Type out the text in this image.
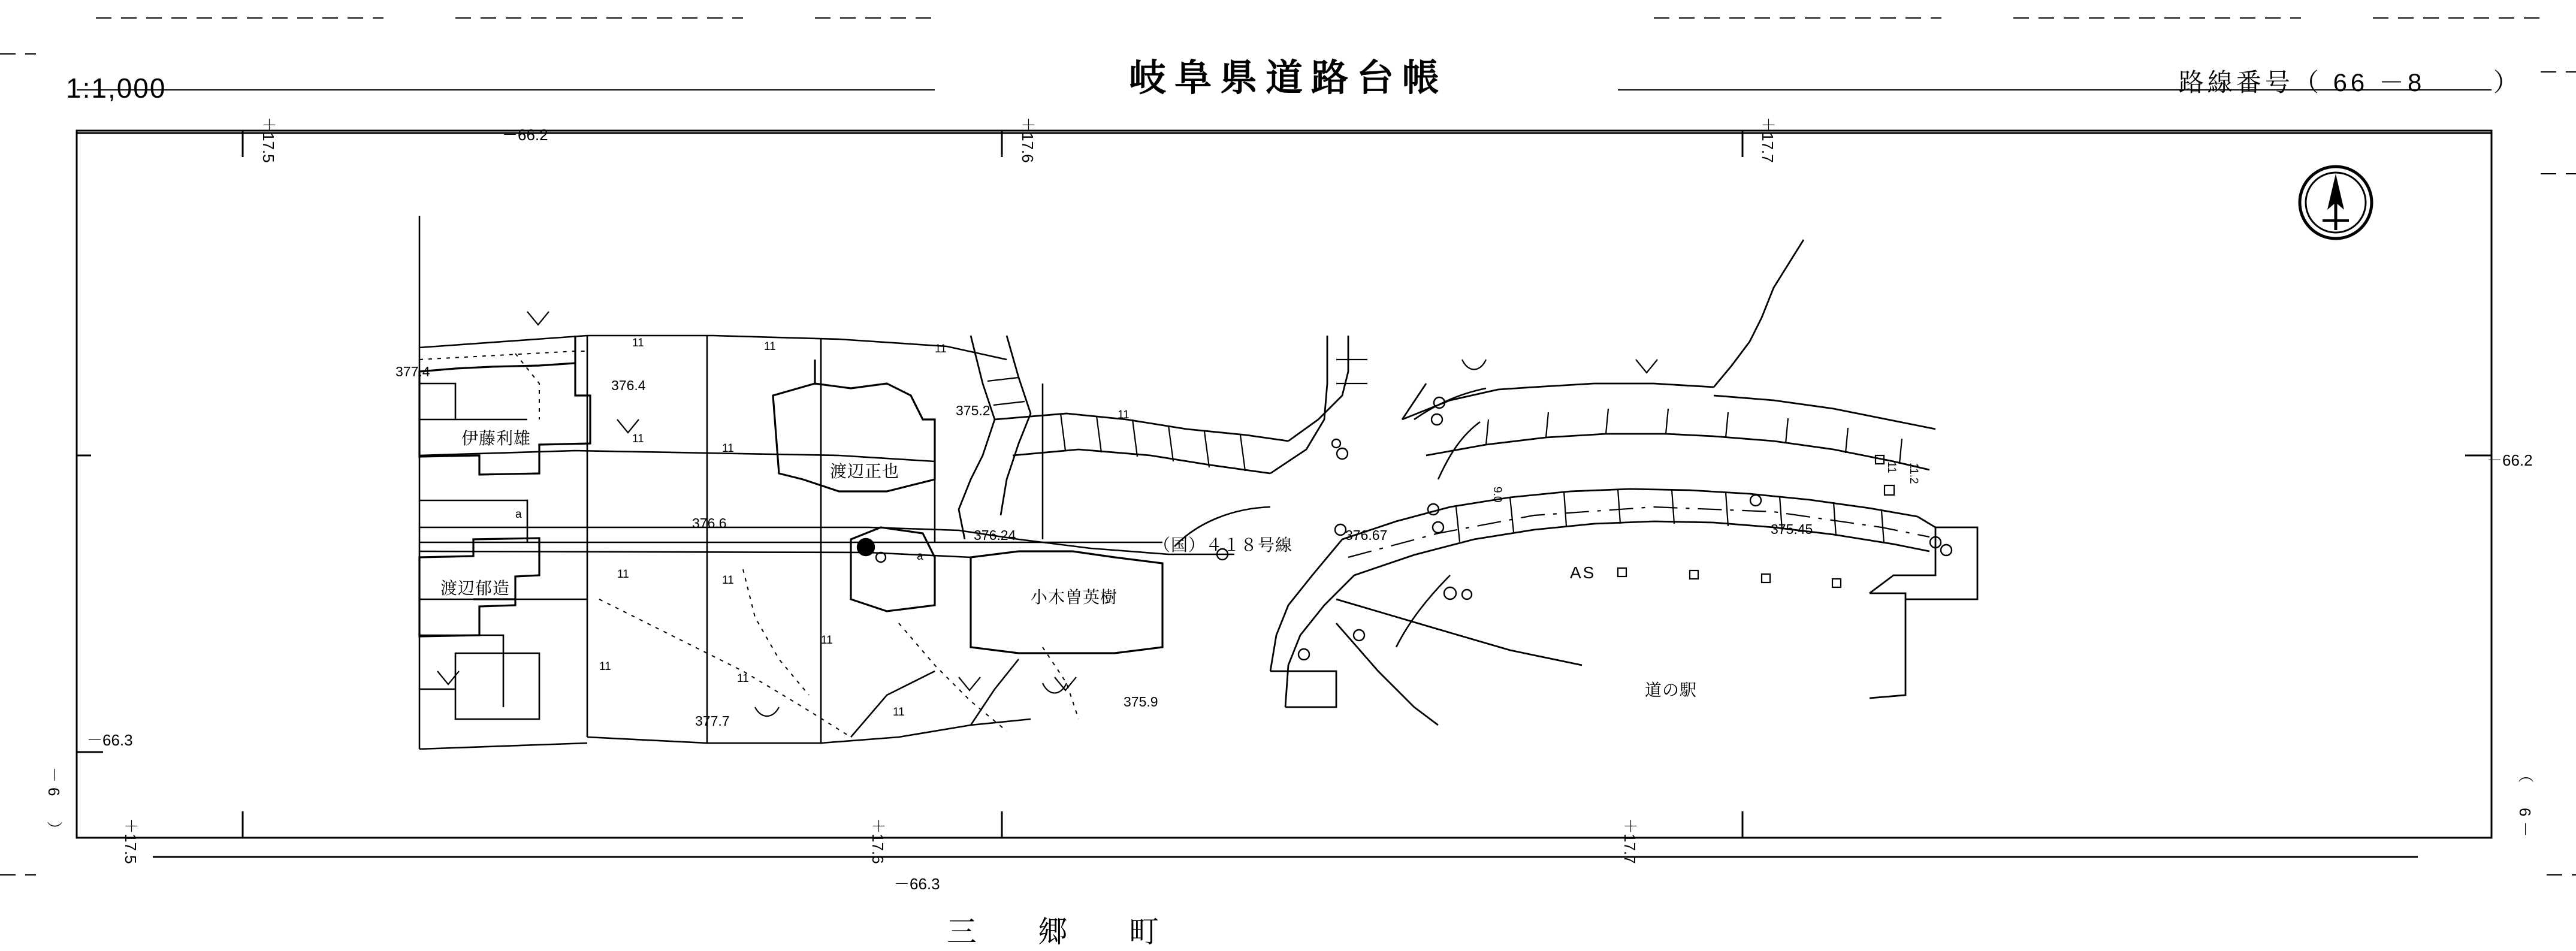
1:1,000	岐阜県道路台帳	路線番号（ 66 －8 　　）
三　郷　町
伊藤利雄
渡辺正也
渡辺郁造	小木曽英樹
道の駅
（国）４１８号線
AS
377.4
376.4
375.2
376.6
376.24	376.67	375.45
375.9
377.7
＋17.5	－66.2	＋17.6	＋17.7
＋17.5	＋17.6
－66.3
＋17.7
－66.3
－6　）
－66.2
（　6－
a
a
11
11
11	11
11
11
11
11
11	11	11
11
11
9.0
11.2
